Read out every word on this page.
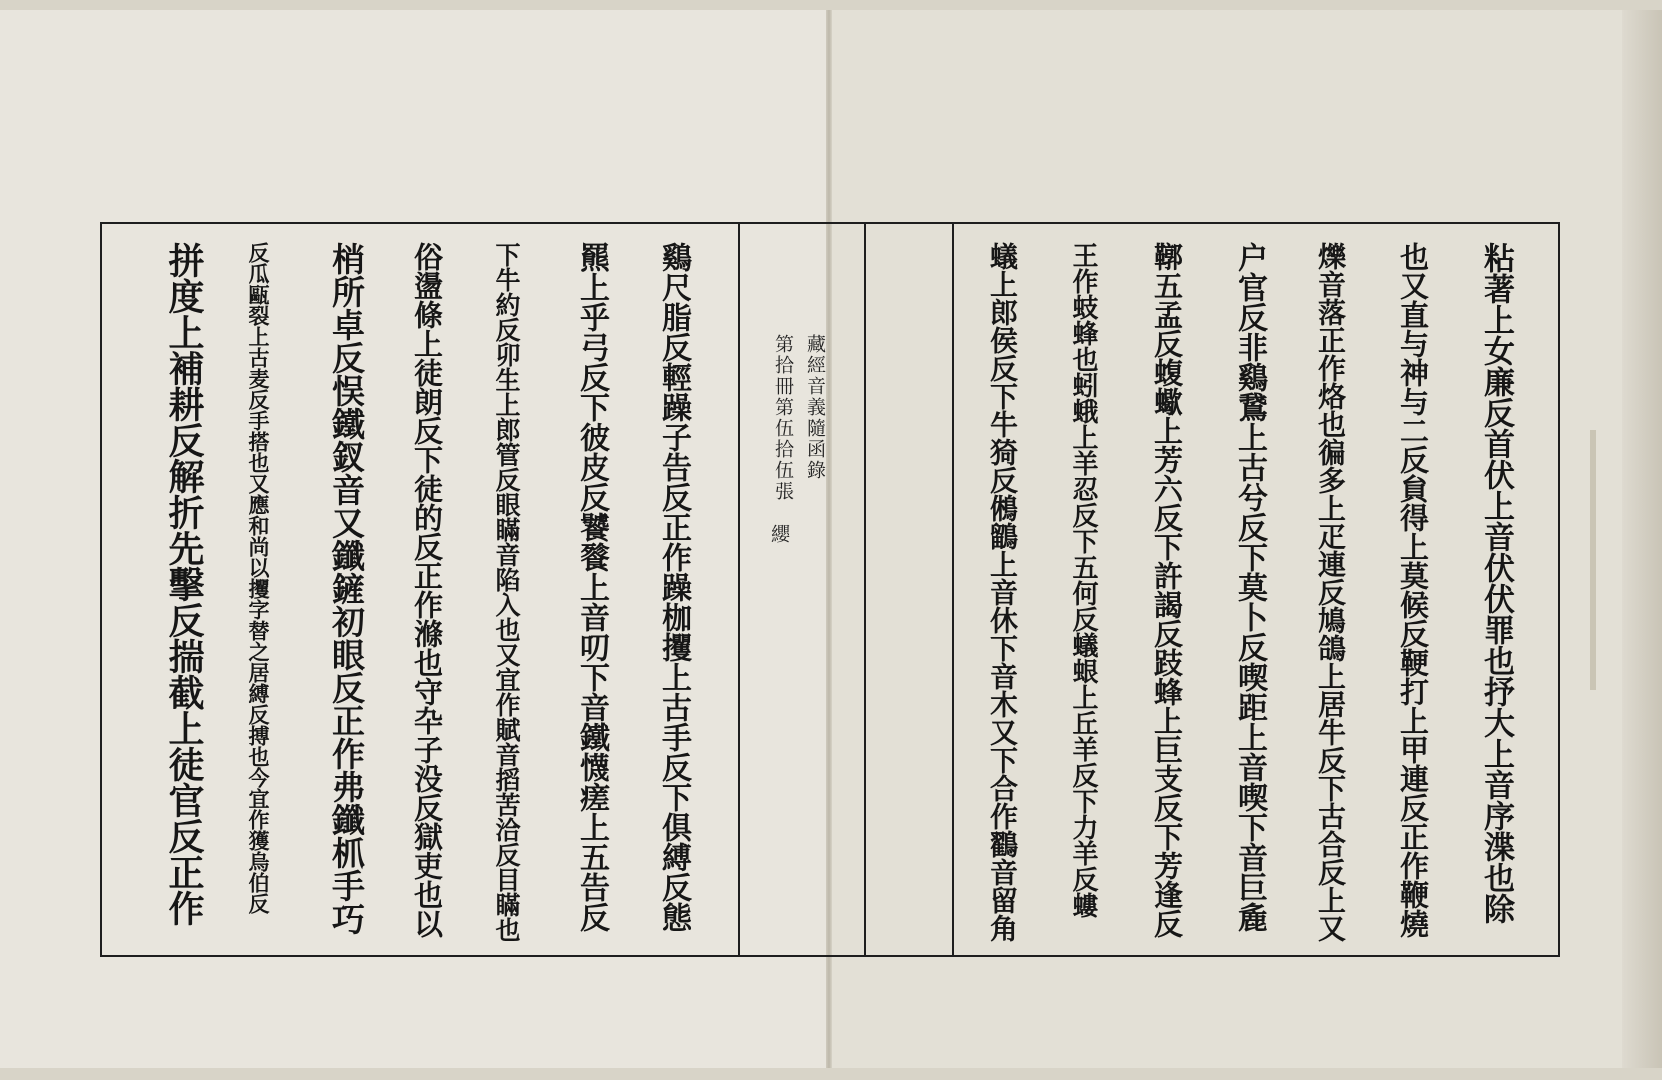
粘著上女廉反首伏上音伏伏罪也抒大上音序渫也除
也又直与神与二反貟得上莫候反鞕打上甲連反正作鞭燒
爍音落正作烙也徧多上疋連反鳩鴿上居牛反下古合反上又
户官反非鷄鵞上古兮反下莫卜反喫距上音喫下音巨麁
鞹五孟反蝮蠍上芳六反下許謁反跂蜂上巨支反下芳逢反
王作蚑蜂也蚓蛾上羊忍反下五何反蟻蛝上丘羊反下力羊反螻
蟻上郎侯反下牛猗反鵂鶹上音休下音木又下合作鸐音留角
藏經音義隨函錄
第拾冊第伍拾伍張
纓
鷄尺脂反輕躁子告反正作躁枷攫上古手反下俱縛反態
羆上乎弓反下彼皮反饕餮上音叨下音鐵懱瘥上五告反
下牛約反卯生上郎管反眼瞞音陷入也又宜作賦音搯苦洽反目瞞也
俗盪條上徒朗反下徒的反正作滌也守卆子没反獄吏也以
梢所卓反悮鐵釵音又鑯鏟初眼反正作弗鑯枛手巧
反瓜甌裂上古麦反手搭也又應和尚以攫字替之居縛反搏也今宜作獲烏伯反
拼度上補耕反解折先擊反揣截上徒官反正作
